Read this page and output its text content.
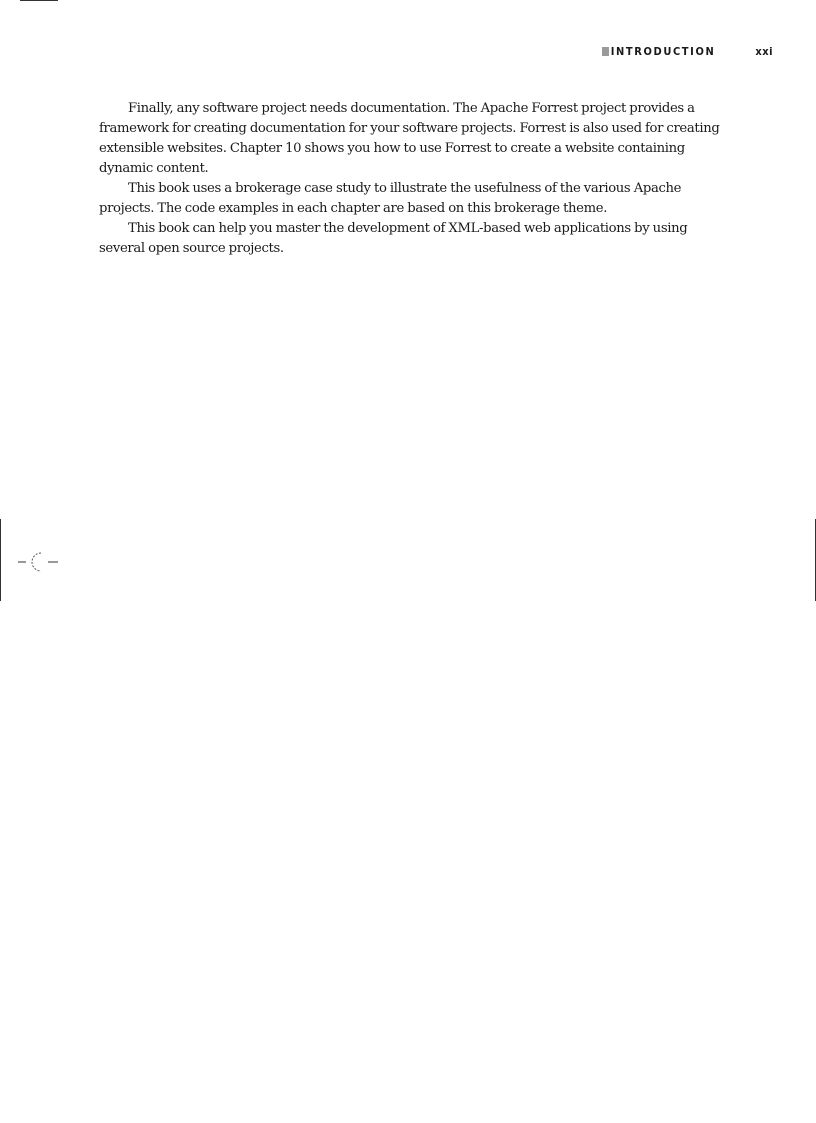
INTRODUCTION	xxi

Finally, any software project needs documentation. The Apache Forrest project provides a framework for creating documentation for your software projects. Forrest is also used for creating extensible websites. Chapter 10 shows you how to use Forrest to create a website containing dynamic content.

This book uses a brokerage case study to illustrate the usefulness of the various Apache projects. The code examples in each chapter are based on this brokerage theme.

This book can help you master the development of XML-based web applications by using several open source projects.
